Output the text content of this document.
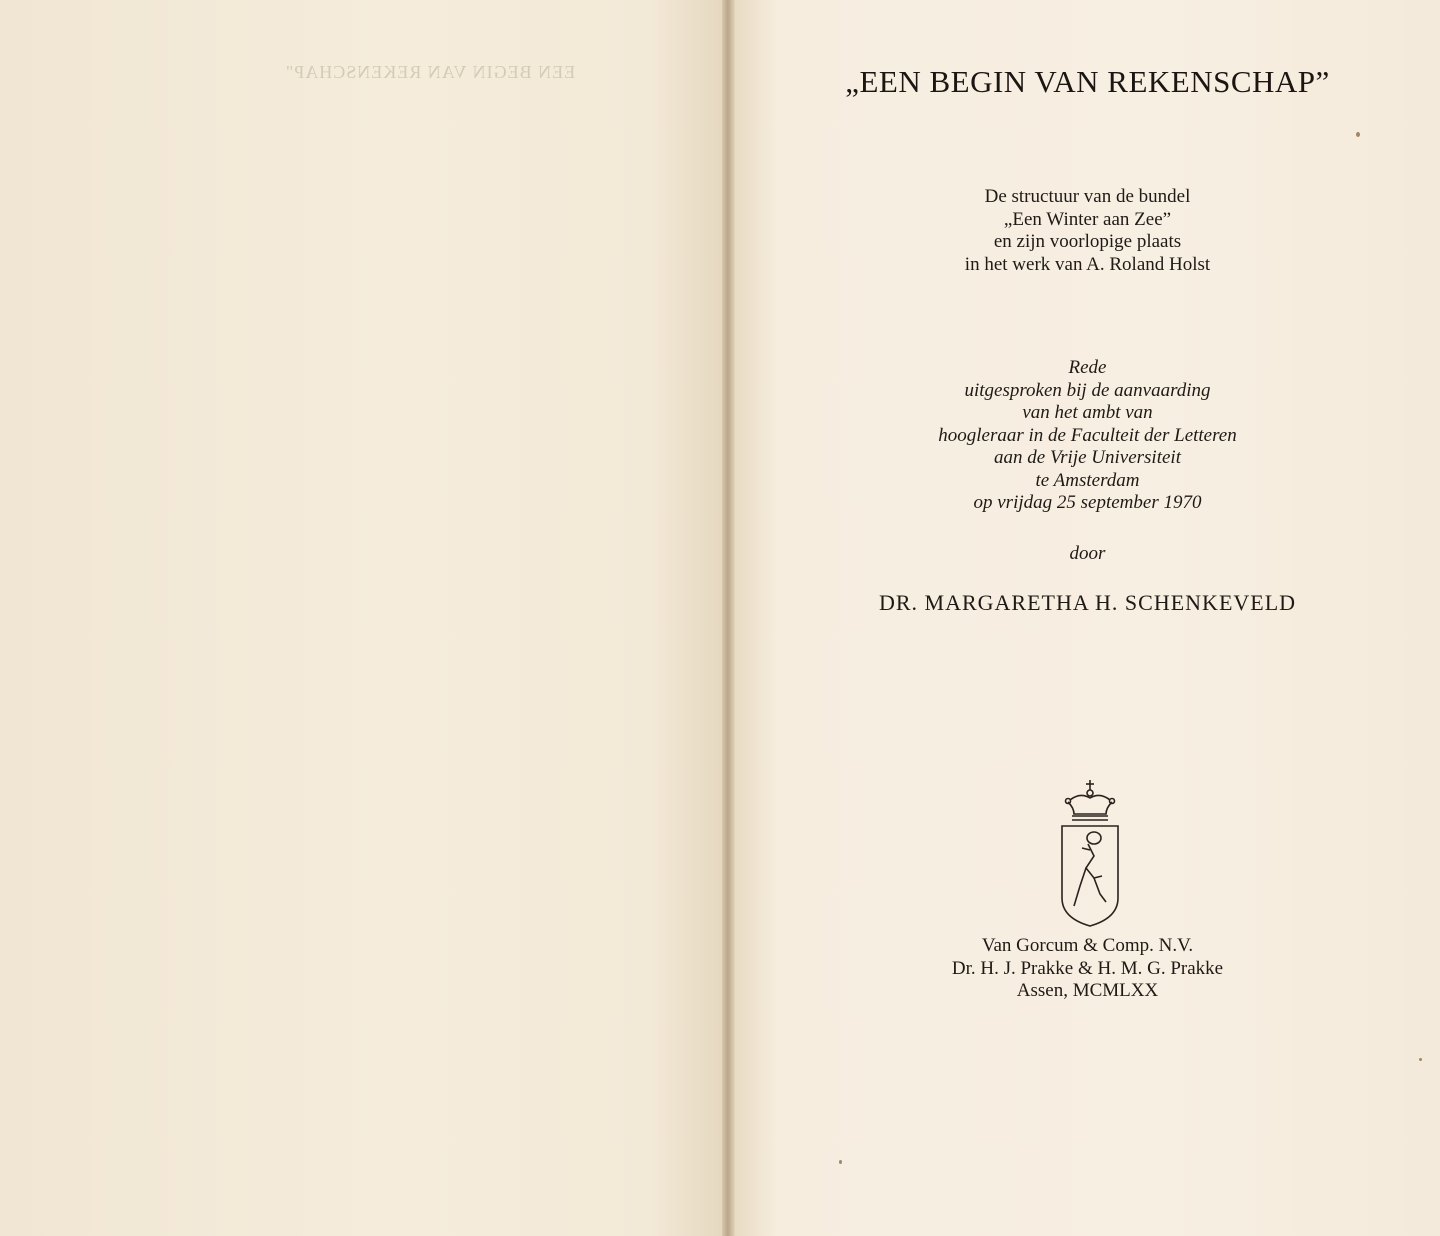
EEN BEGIN VAN REKENSCHAP"	„EEN BEGIN VAN REKENSCHAP”
De structuur van de bundel
„Een Winter aan Zee”
en zijn voorlopige plaats
in het werk van A. Roland Holst
Rede
uitgesproken bij de aanvaarding
van het ambt van
hoogleraar in de Faculteit der Letteren
aan de Vrije Universiteit
te Amsterdam
op vrijdag 25 september 1970
door
DR. MARGARETHA H. SCHENKEVELD
Van Gorcum & Comp. N.V.
Dr. H. J. Prakke & H. M. G. Prakke
Assen, MCMLXX
